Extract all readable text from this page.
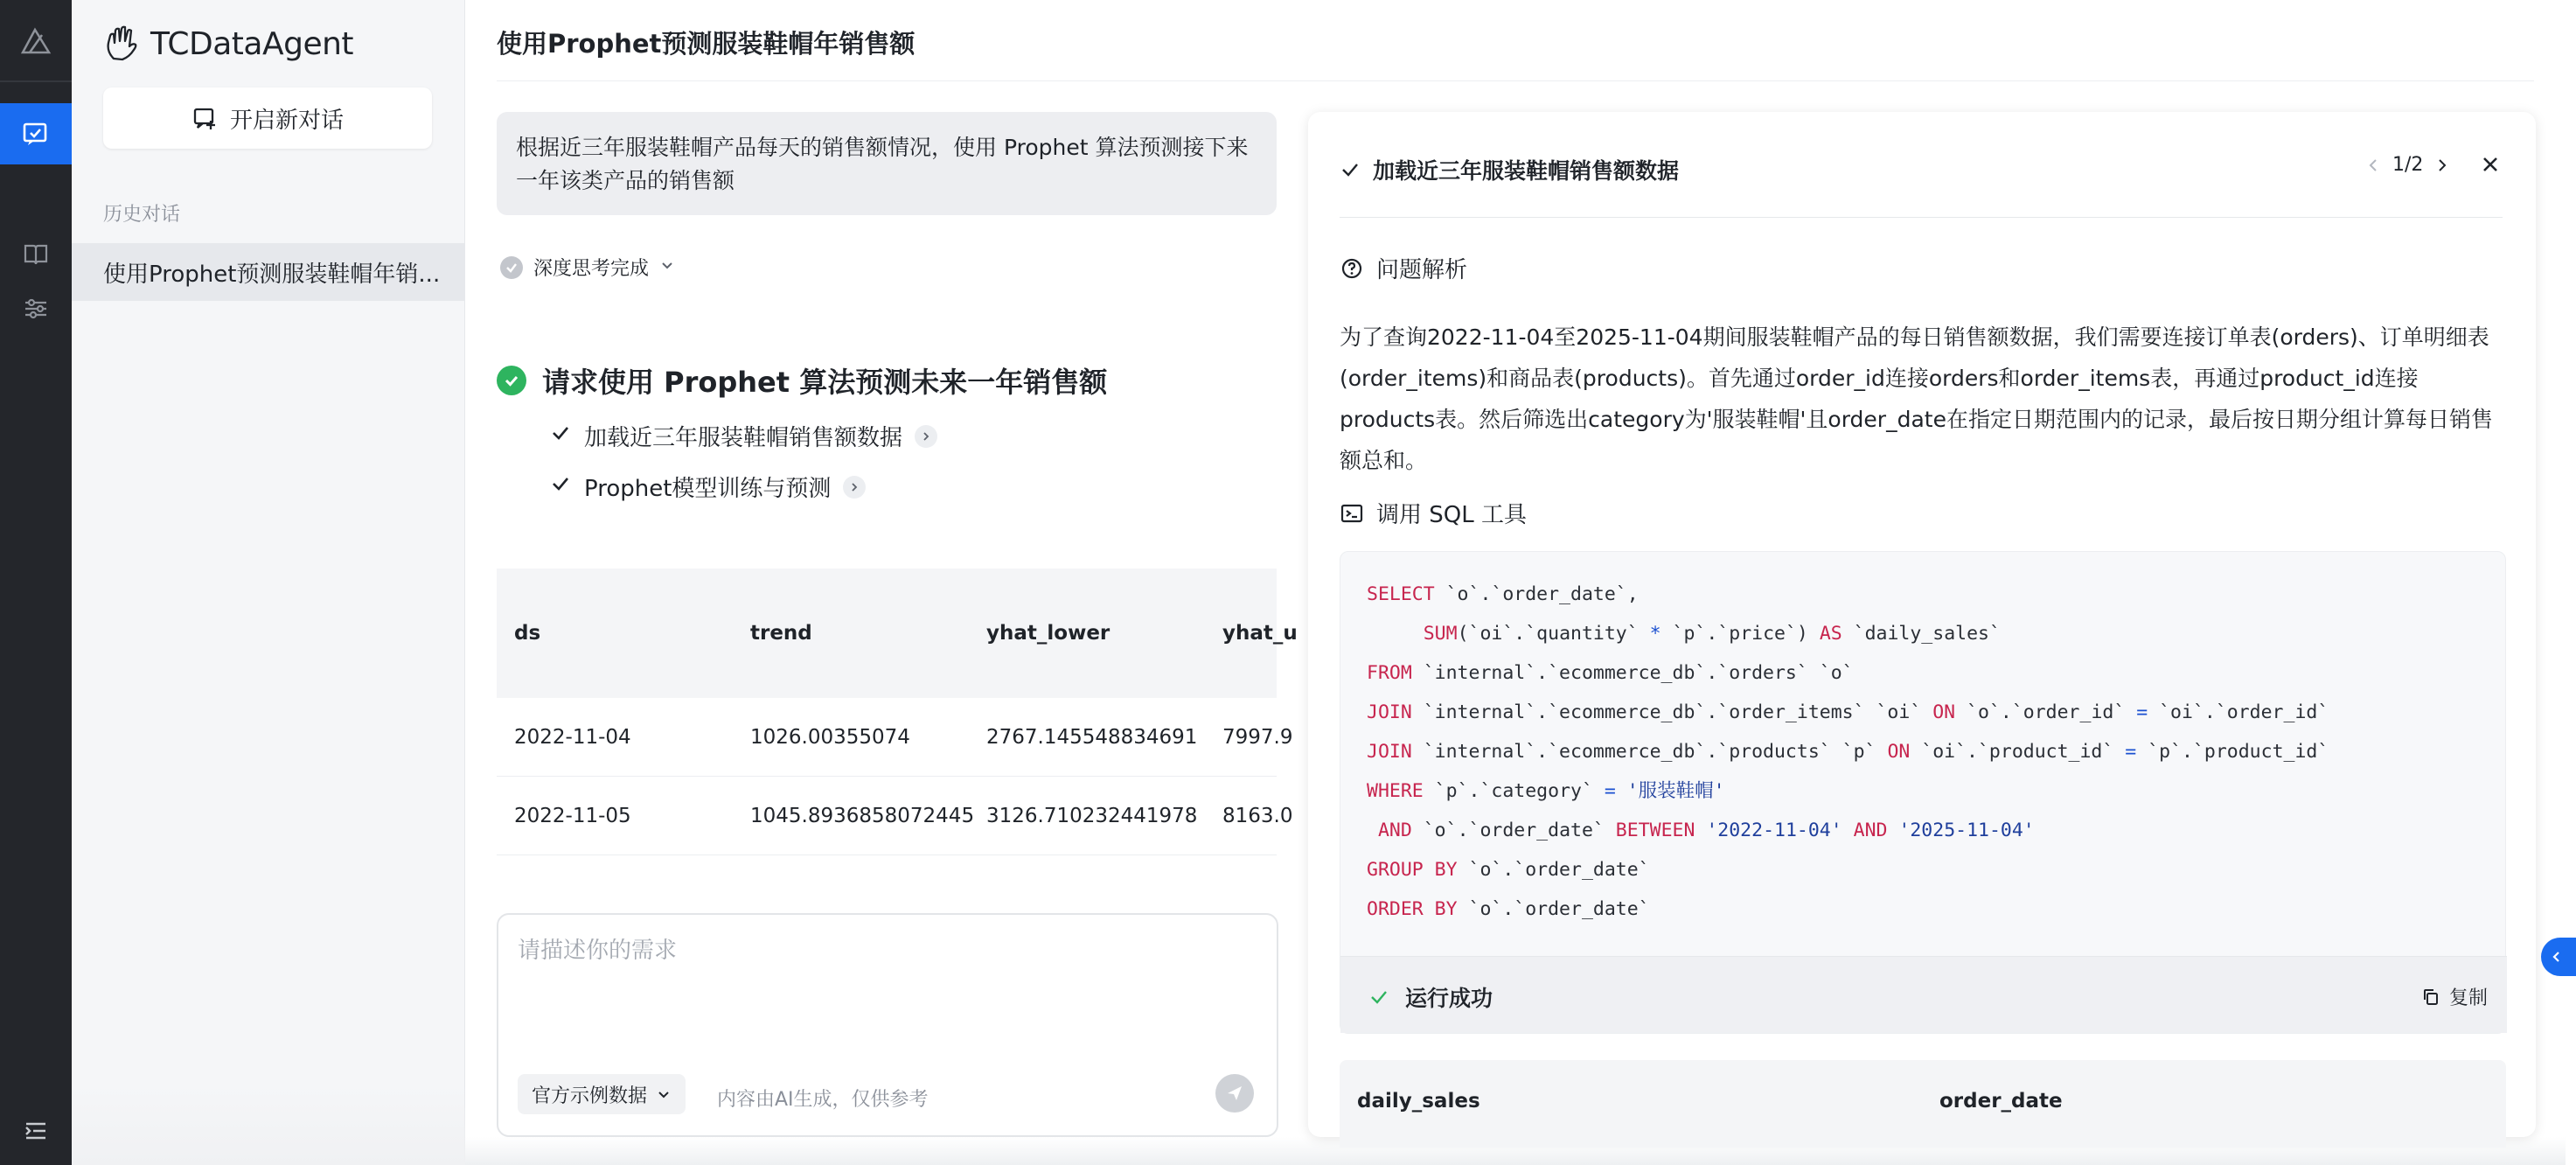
TCDataAgent
开启新对话
历史对话
使用Prophet预测服装鞋帽年销...
使用Prophet预测服装鞋帽年销售额
根据近三年服装鞋帽产品每天的销售额情况，使用 Prophet 算法预测接下来一年该类产品的销售额
深度思考完成
请求使用 Prophet 算法预测未来一年销售额
加载近三年服装鞋帽销售额数据
Prophet模型训练与预测
ds	trend	yhat_lower	yhat_u
2022-11-04	1026.00355074	2767.145548834691	7997.9
2022-11-05	1045.8936858072445 3126.710232441978	8163.0
请描述你的需求
官方示例数据	内容由AI生成，仅供参考
加载近三年服装鞋帽销售额数据	1/2
问题解析
为了查询2022-11-04至2025-11-04期间服装鞋帽产品的每日销售额数据，我们需要连接订单表(orders)、订单明细表(order_items)和商品表(products)。首先通过order_id连接orders和order_items表，再通过product_id连接products表。然后筛选出category为'服装鞋帽'且order_date在指定日期范围内的记录，最后按日期分组计算每日销售额总和。
调用 SQL 工具
SELECT `o`.`order_date`,
SUM(`oi`.`quantity` * `p`.`price`) AS `daily_sales`
FROM `internal`.`ecommerce_db`.`orders` `o`
JOIN `internal`.`ecommerce_db`.`order_items` `oi` ON `o`.`order_id` = `oi`.`order_id`
JOIN `internal`.`ecommerce_db`.`products` `p` ON `oi`.`product_id` = `p`.`product_id`
WHERE `p`.`category` = '服装鞋帽'
AND `o`.`order_date` BETWEEN '2022-11-04' AND '2025-11-04'
GROUP BY `o`.`order_date`
ORDER BY `o`.`order_date`
运行成功	复制
daily_sales	order_date
